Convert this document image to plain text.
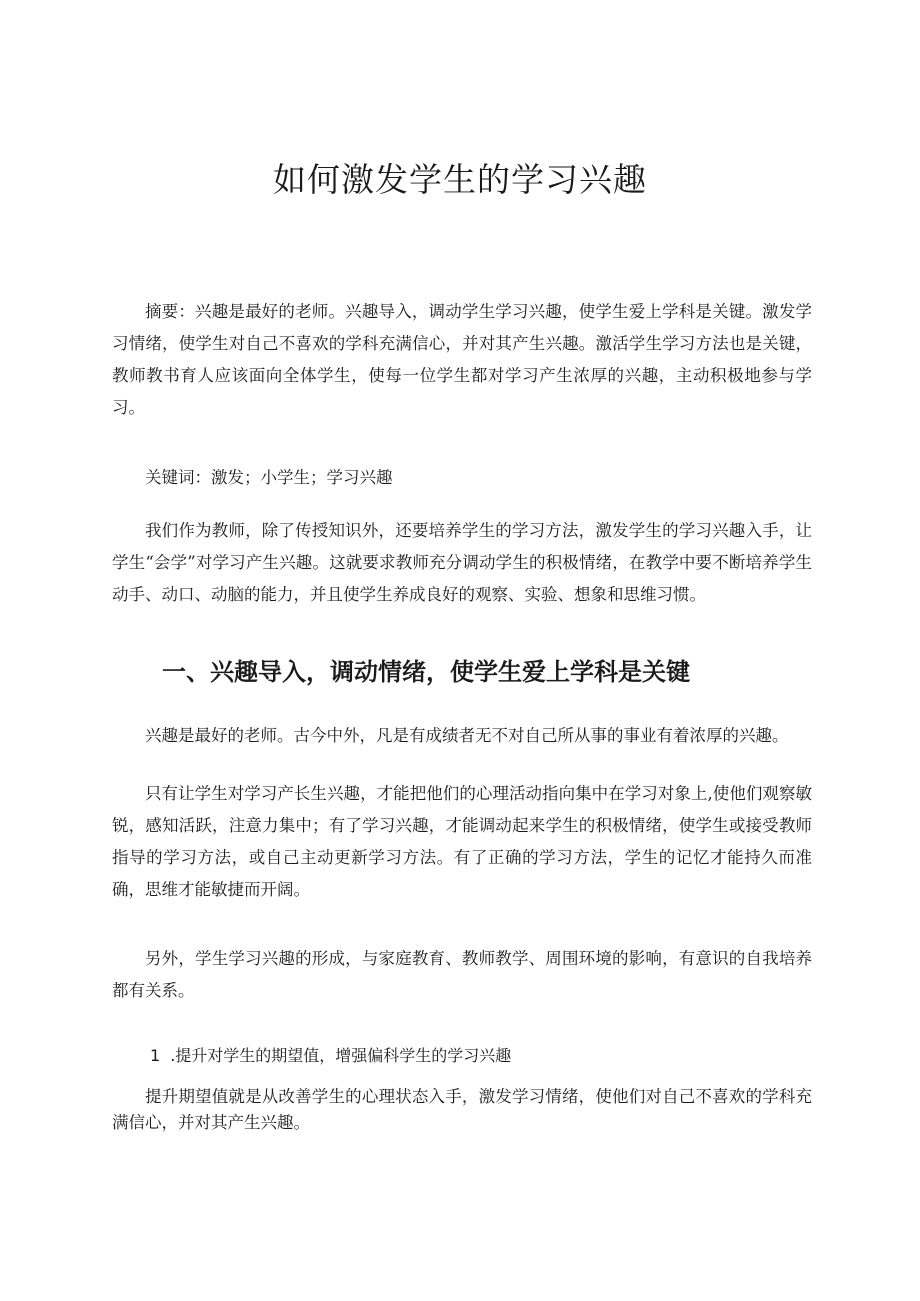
如何激发学生的学习兴趣

摘要：兴趣是最好的老师。兴趣导入，调动学生学习兴趣，使学生爱上学科是关键。激发学习情绪，使学生对自己不喜欢的学科充满信心，并对其产生兴趣。激活学生学习方法也是关键，教师教书育人应该面向全体学生，使每一位学生都对学习产生浓厚的兴趣，主动积极地参与学习。

关键词：激发；小学生；学习兴趣

我们作为教师，除了传授知识外，还要培养学生的学习方法，激发学生的学习兴趣入手，让学生“会学”对学习产生兴趣。这就要求教师充分调动学生的积极情绪，在教学中要不断培养学生动手、动口、动脑的能力，并且使学生养成良好的观察、实验、想象和思维习惯。

一、兴趣导入，调动情绪，使学生爱上学科是关键

兴趣是最好的老师。古今中外，凡是有成绩者无不对自己所从事的事业有着浓厚的兴趣。

只有让学生对学习产长生兴趣，才能把他们的心理活动指向集中在学习对象上,使他们观察敏锐，感知活跃，注意力集中；有了学习兴趣，才能调动起来学生的积极情绪，使学生或接受教师指导的学习方法，或自己主动更新学习方法。有了正确的学习方法，学生的记忆才能持久而准确，思维才能敏捷而开阔。

另外，学生学习兴趣的形成，与家庭教育、教师教学、周围环境的影响，有意识的自我培养都有关系。

1 .提升对学生的期望值，增强偏科学生的学习兴趣

提升期望值就是从改善学生的心理状态入手，激发学习情绪，使他们对自己不喜欢的学科充满信心，并对其产生兴趣。
